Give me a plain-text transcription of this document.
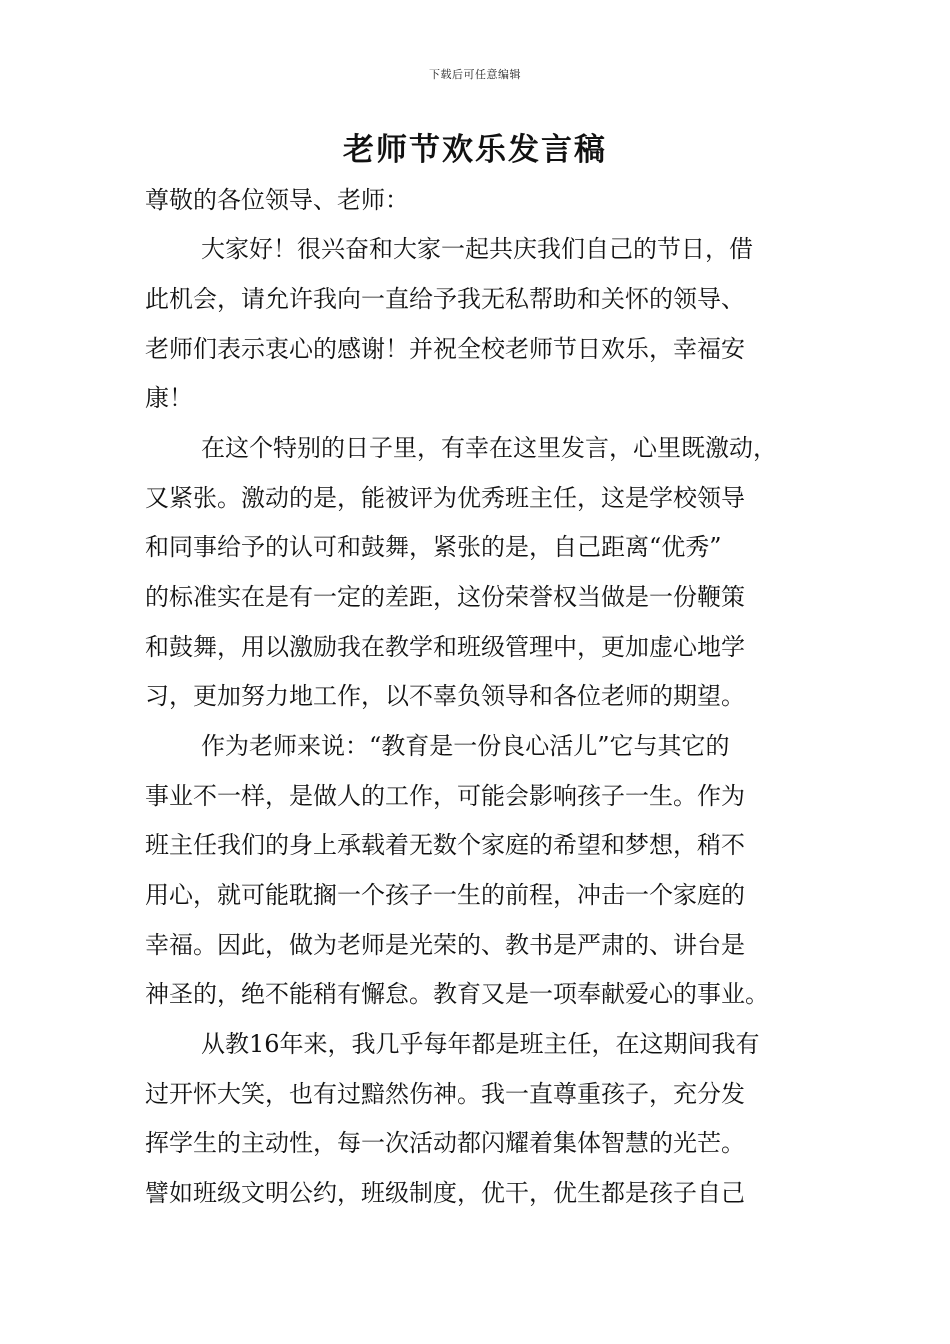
下载后可任意编辑
老师节欢乐发言稿
尊敬的各位领导、老师：
大家好！很兴奋和大家一起共庆我们自己的节日，借
此机会，请允许我向一直给予我无私帮助和关怀的领导、
老师们表示衷心的感谢！并祝全校老师节日欢乐，幸福安
康！
在这个特别的日子里，有幸在这里发言，心里既激动，
又紧张。激动的是，能被评为优秀班主任，这是学校领导
和同事给予的认可和鼓舞，紧张的是，自己距离“优秀”
的标准实在是有一定的差距，这份荣誉权当做是一份鞭策
和鼓舞，用以激励我在教学和班级管理中，更加虚心地学
习，更加努力地工作，以不辜负领导和各位老师的期望。
作为老师来说：“教育是一份良心活儿”它与其它的
事业不一样，是做人的工作，可能会影响孩子一生。作为
班主任我们的身上承载着无数个家庭的希望和梦想，稍不
用心，就可能耽搁一个孩子一生的前程，冲击一个家庭的
幸福。因此，做为老师是光荣的、教书是严肃的、讲台是
神圣的，绝不能稍有懈怠。教育又是一项奉献爱心的事业。
从教16年来，我几乎每年都是班主任，在这期间我有
过开怀大笑，也有过黯然伤神。我一直尊重孩子，充分发
挥学生的主动性，每一次活动都闪耀着集体智慧的光芒。
譬如班级文明公约，班级制度，优干，优生都是孩子自己
